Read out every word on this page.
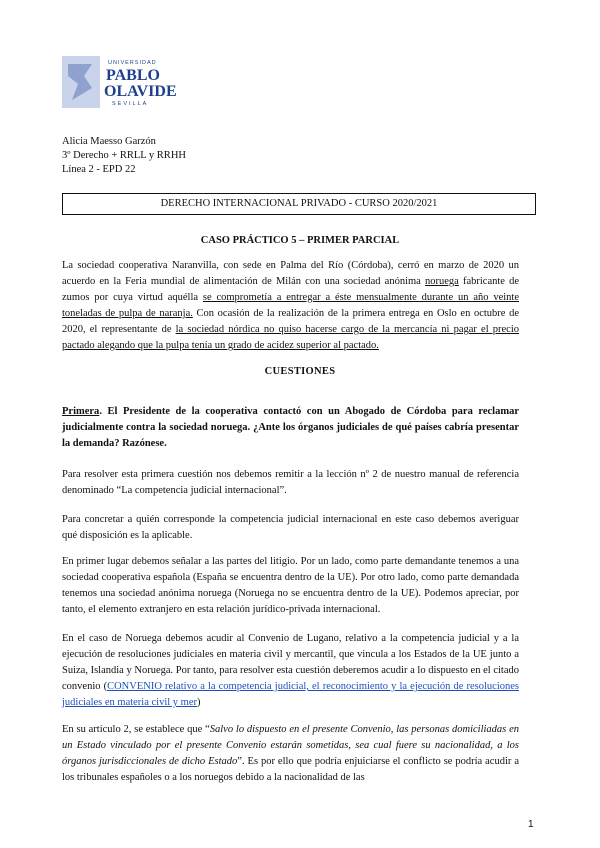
UNIVERSIDAD
PABLO
OLAVIDE
SEVILLA
Alicia Maesso Garzón
3º Derecho + RRLL y RRHH
Línea 2 - EPD 22
DERECHO INTERNACIONAL PRIVADO - CURSO 2020/2021
CASO PRÁCTICO 5 – PRIMER PARCIAL

La sociedad cooperativa Naranvilla, con sede en Palma del Río (Córdoba), cerró en marzo de 2020 un acuerdo en la Feria mundial de alimentación de Milán con una sociedad anónima noruega fabricante de zumos por cuya virtud aquélla se comprometía a entregar a éste mensualmente durante un año veinte toneladas de pulpa de naranja. Con ocasión de la realización de la primera entrega en Oslo en octubre de 2020, el representante de la sociedad nórdica no quiso hacerse cargo de la mercancía ni pagar el precio pactado alegando que la pulpa tenía un grado de acidez superior al pactado.

CUESTIONES

Primera. El Presidente de la cooperativa contactó con un Abogado de Córdoba para reclamar judicialmente contra la sociedad noruega. ¿Ante los órganos judiciales de qué países cabría presentar la demanda? Razónese.

Para resolver esta primera cuestión nos debemos remitir a la lección nº 2 de nuestro manual de referencia denominado “La competencia judicial internacional”.

Para concretar a quién corresponde la competencia judicial internacional en este caso debemos averiguar qué disposición es la aplicable.

En primer lugar debemos señalar a las partes del litigio. Por un lado, como parte demandante tenemos a una sociedad cooperativa española (España se encuentra dentro de la UE). Por otro lado, como parte demandada tenemos una sociedad anónima noruega (Noruega no se encuentra dentro de la UE). Podemos apreciar, por tanto, el elemento extranjero en esta relación jurídico-privada internacional.

En el caso de Noruega debemos acudir al Convenio de Lugano, relativo a la competencia judicial y a la ejecución de resoluciones judiciales en materia civil y mercantil, que vincula a los Estados de la UE junto a Suiza, Islandia y Noruega. Por tanto, para resolver esta cuestión deberemos acudir a lo dispuesto en el citado convenio (CONVENIO relativo a la competencia judicial, el reconocimiento y la ejecución de resoluciones judiciales en materia civil y mer)

En su artículo 2, se establece que “Salvo lo dispuesto en el presente Convenio, las personas domiciliadas en un Estado vinculado por el presente Convenio estarán sometidas, sea cual fuere su nacionalidad, a los órganos jurisdiccionales de dicho Estado”. Es por ello que podría enjuiciarse el conflicto se podría acudir a los tribunales españoles o a los noruegos debido a la nacionalidad de las

1
